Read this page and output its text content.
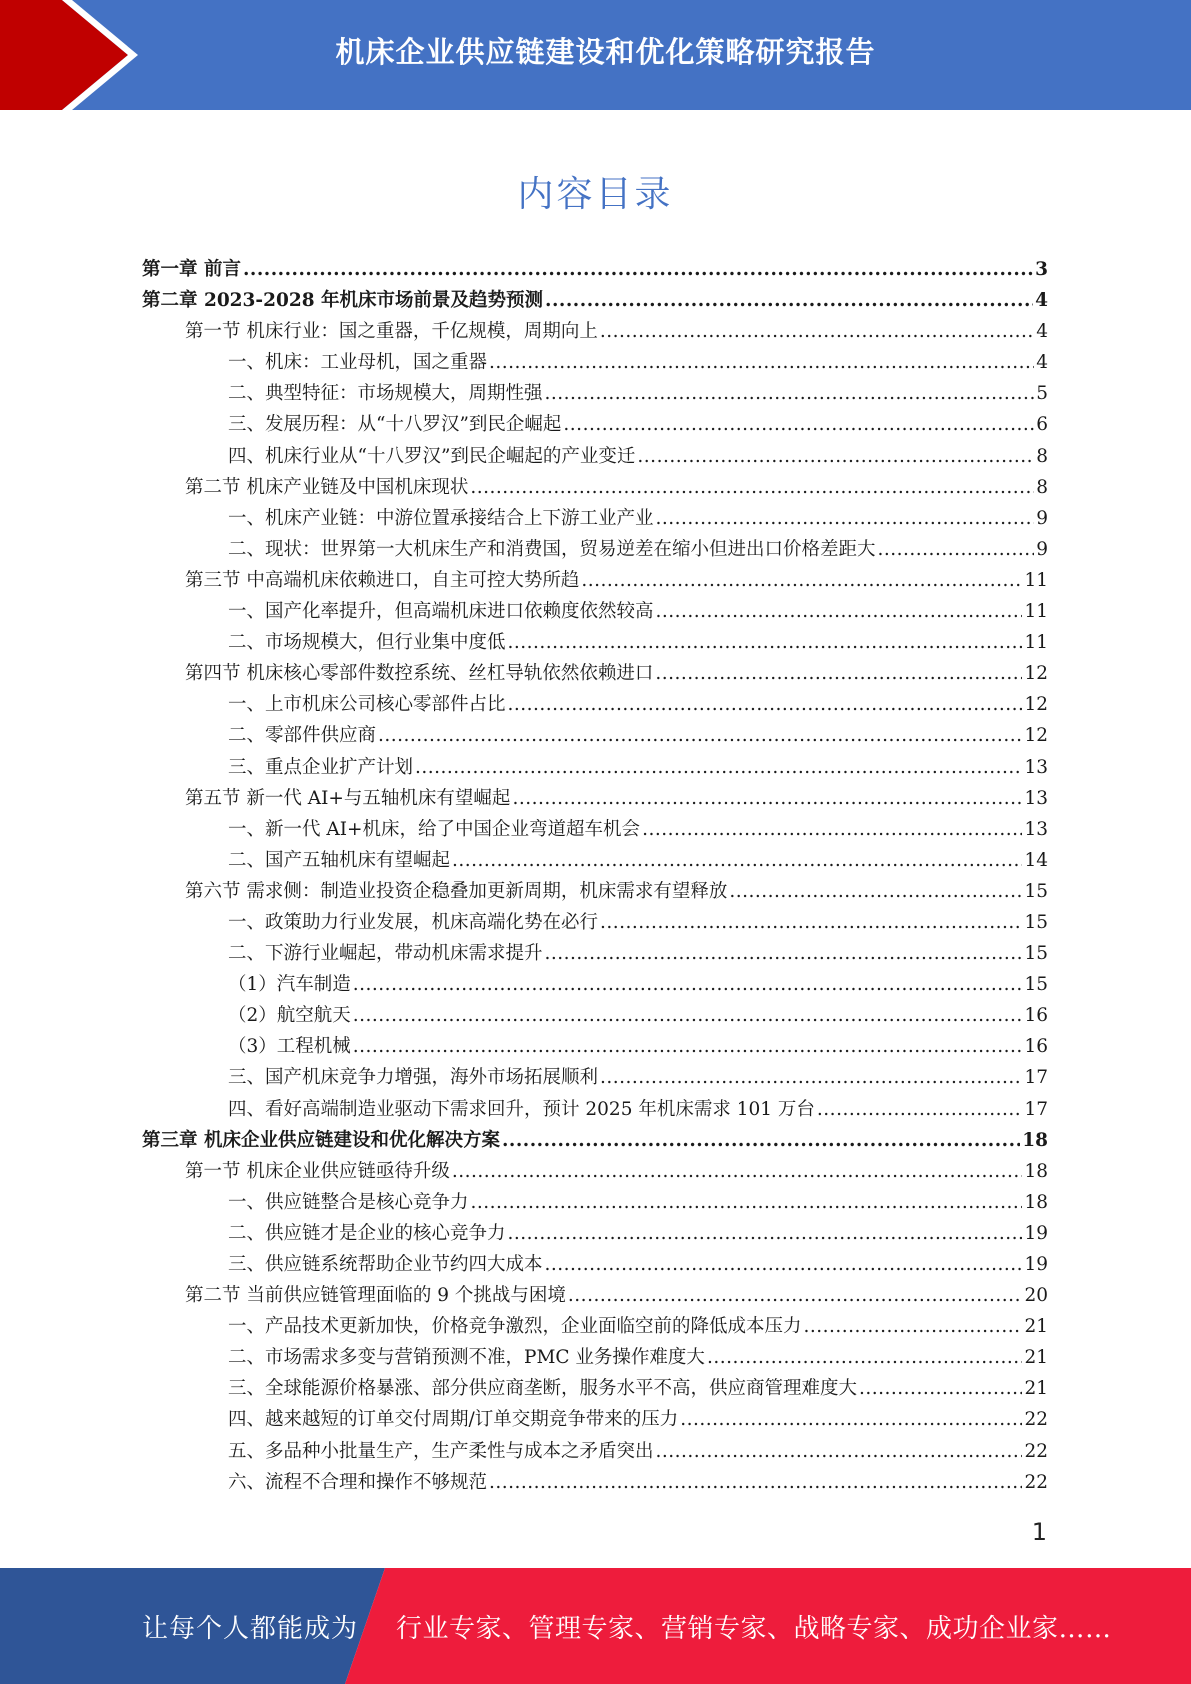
机床企业供应链建设和优化策略研究报告
内容目录
第一章 前言 .....	3
第二章 2023-2028 年机床市场前景及趋势预测 .....	4
第一节 机床行业：国之重器，千亿规模，周期向上 .....	4
一、机床：工业母机，国之重器 .....	4
二、典型特征：市场规模大，周期性强 .....	5
三、发展历程：从“十八罗汉”到民企崛起 .....	6
四、机床行业从“十八罗汉”到民企崛起的产业变迁 .....	8
第二节 机床产业链及中国机床现状 .....	8
一、机床产业链：中游位置承接结合上下游工业产业 .....	9
二、现状：世界第一大机床生产和消费国，贸易逆差在缩小但进出口价格差距大 .....	9
第三节 中高端机床依赖进口，自主可控大势所趋 .....	11
一、国产化率提升，但高端机床进口依赖度依然较高 .....	11
二、市场规模大，但行业集中度低 .....	11
第四节 机床核心零部件数控系统、丝杠导轨依然依赖进口 .....	12
一、上市机床公司核心零部件占比 .....	12
二、零部件供应商 .....	12
三、重点企业扩产计划 .....	13
第五节 新一代 AI+与五轴机床有望崛起 .....	13
一、新一代 AI+机床，给了中国企业弯道超车机会 .....	13
二、国产五轴机床有望崛起 .....	14
第六节 需求侧：制造业投资企稳叠加更新周期，机床需求有望释放 .....	15
一、政策助力行业发展，机床高端化势在必行 .....	15
二、下游行业崛起，带动机床需求提升 .....	15
（1）汽车制造 .....	15
（2）航空航天 .....	16
（3）工程机械 .....	16
三、国产机床竞争力增强，海外市场拓展顺利 .....	17
四、看好高端制造业驱动下需求回升，预计 2025 年机床需求 101 万台 .....	17
第三章 机床企业供应链建设和优化解决方案 .....	18
第一节 机床企业供应链亟待升级 .....	18
一、供应链整合是核心竞争力 .....	18
二、供应链才是企业的核心竞争力 .....	19
三、供应链系统帮助企业节约四大成本 .....	19
第二节 当前供应链管理面临的 9 个挑战与困境 .....	20
一、产品技术更新加快，价格竞争激烈，企业面临空前的降低成本压力 .....	21
二、市场需求多变与营销预测不准，PMC 业务操作难度大 .....	21
三、全球能源价格暴涨、部分供应商垄断，服务水平不高，供应商管理难度大 .....	21
四、越来越短的订单交付周期/订单交期竞争带来的压力 .....	22
五、多品种小批量生产，生产柔性与成本之矛盾突出 .....	22
六、流程不合理和操作不够规范 .....	22
1
让每个人都能成为 行业专家、管理专家、营销专家、战略专家、成功企业家……
